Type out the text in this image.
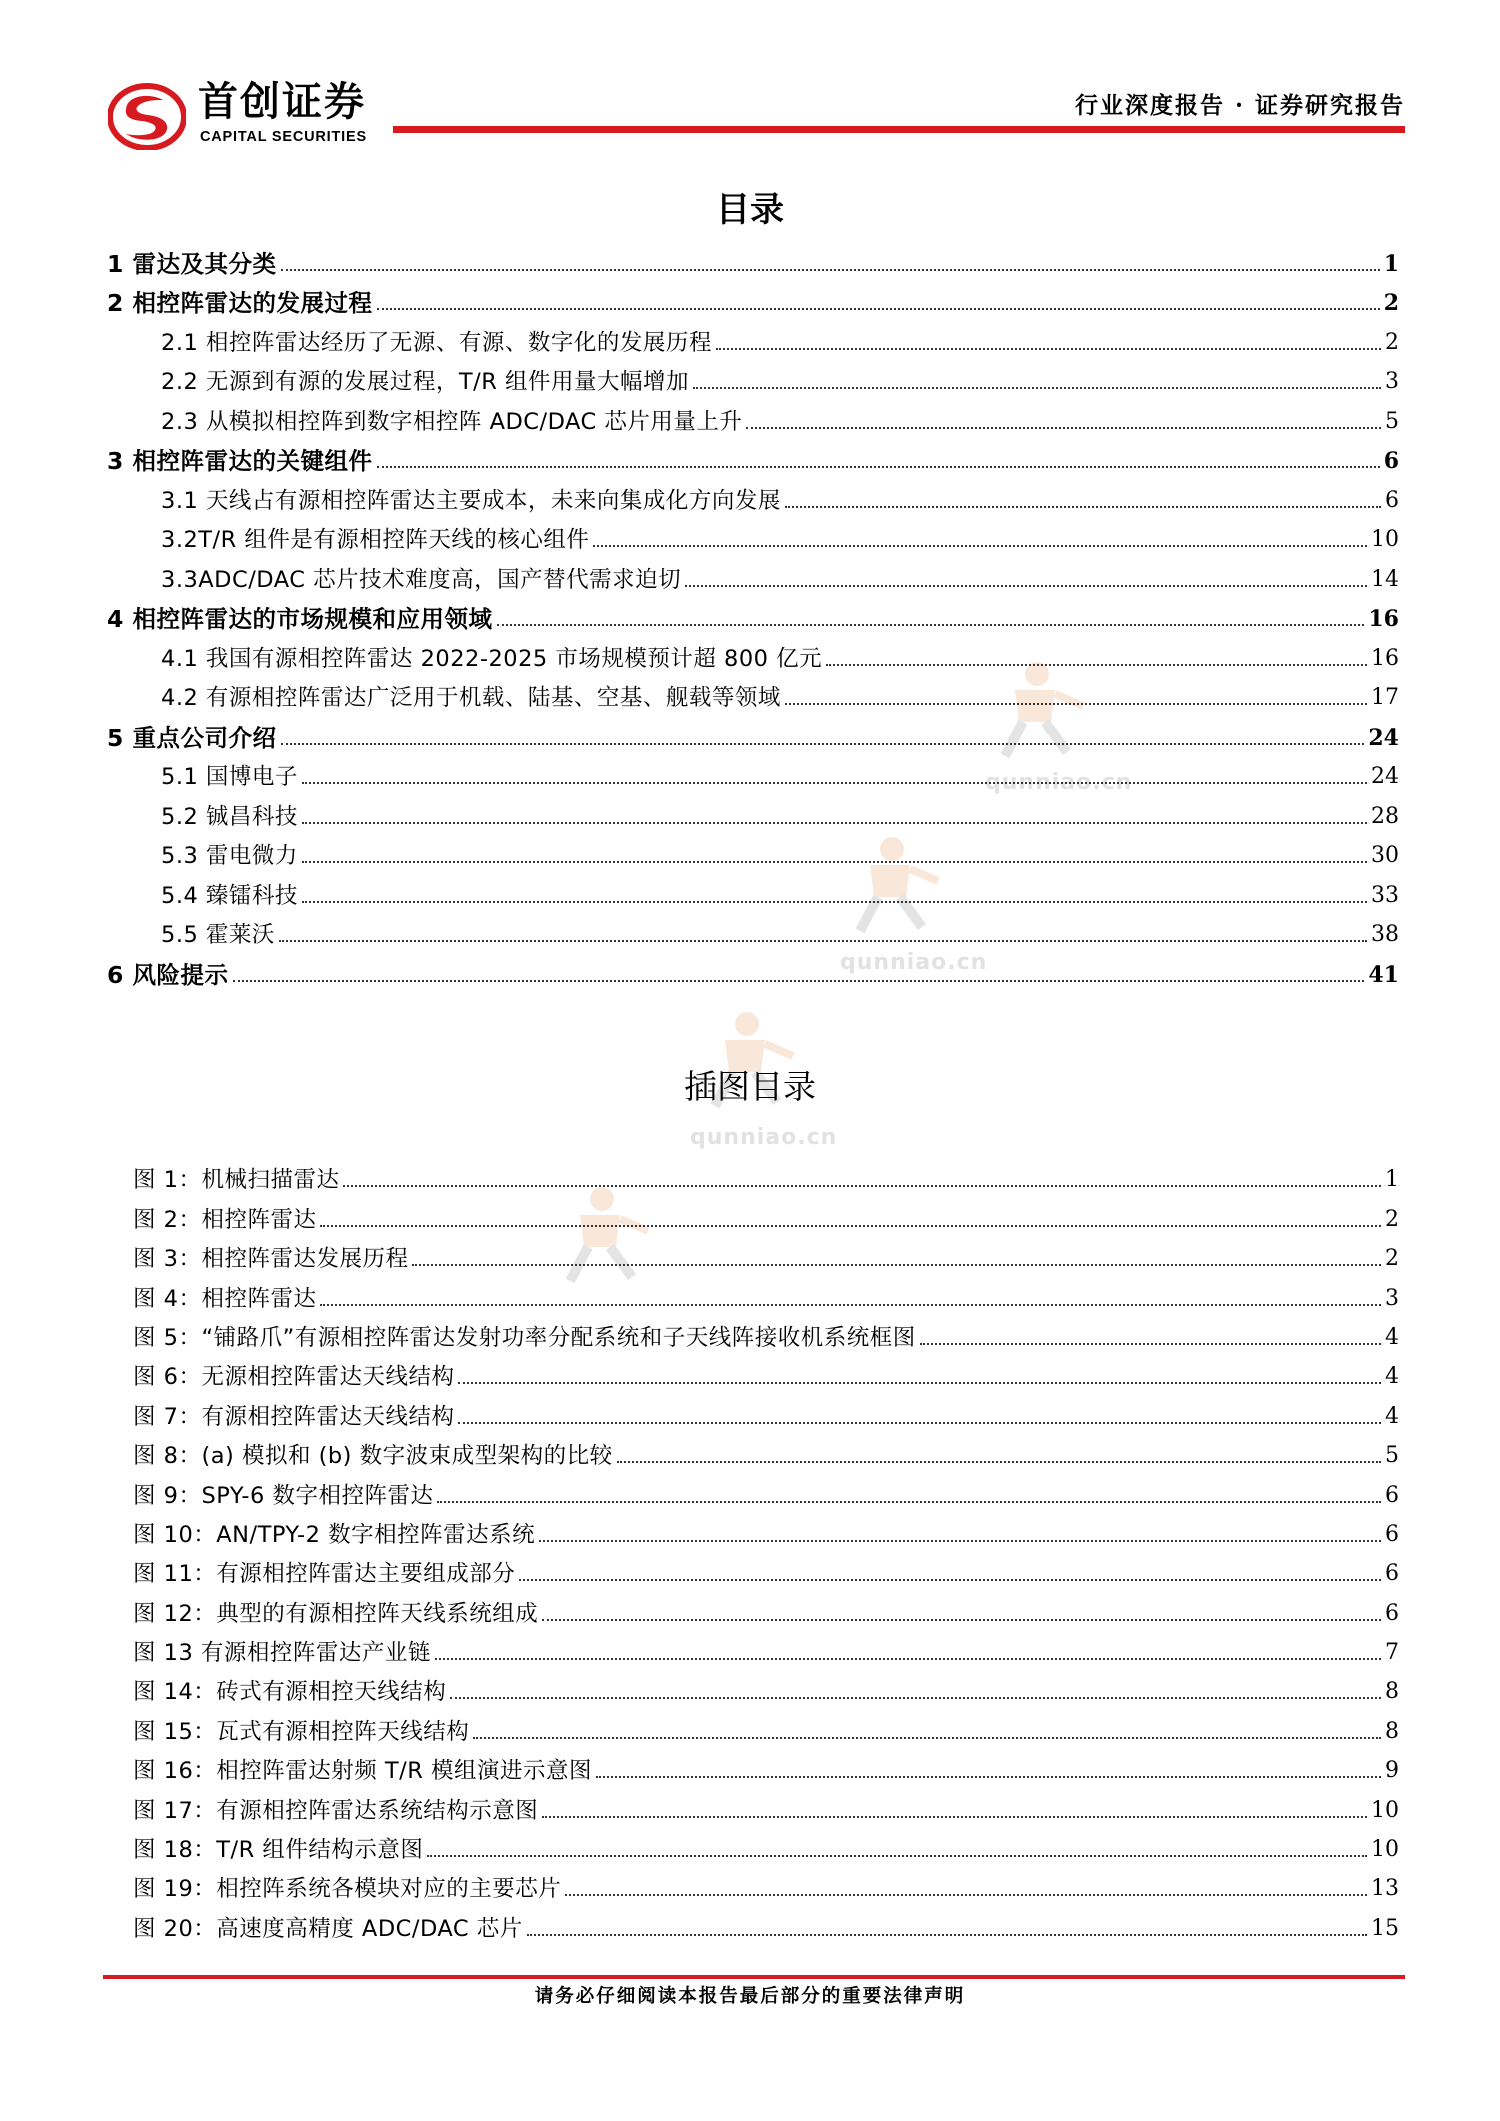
首创证券
CAPITAL SECURITIES
行业深度报告 · 证券研究报告
qunniao.cn
qunniao.cn
qunniao.cn
目录
1 雷达及其分类	1
2 相控阵雷达的发展过程	2
2.1 相控阵雷达经历了无源、有源、数字化的发展历程	2
2.2 无源到有源的发展过程，T/R 组件用量大幅增加	3
2.3 从模拟相控阵到数字相控阵 ADC/DAC 芯片用量上升	5
3 相控阵雷达的关键组件	6
3.1 天线占有源相控阵雷达主要成本，未来向集成化方向发展	6
3.2T/R 组件是有源相控阵天线的核心组件	10
3.3ADC/DAC 芯片技术难度高，国产替代需求迫切	14
4 相控阵雷达的市场规模和应用领域	16
4.1 我国有源相控阵雷达 2022-2025 市场规模预计超 800 亿元	16
4.2 有源相控阵雷达广泛用于机载、陆基、空基、舰载等领域	17
5 重点公司介绍	24
5.1 国博电子	24
5.2 铖昌科技	28
5.3 雷电微力	30
5.4 臻镭科技	33
5.5 霍莱沃	38
6 风险提示	41
插图目录
图 1：机械扫描雷达	1
图 2：相控阵雷达	2
图 3：相控阵雷达发展历程	2
图 4：相控阵雷达	3
图 5：“铺路爪”有源相控阵雷达发射功率分配系统和子天线阵接收机系统框图	4
图 6：无源相控阵雷达天线结构	4
图 7：有源相控阵雷达天线结构	4
图 8：(a) 模拟和 (b) 数字波束成型架构的比较	5
图 9：SPY-6 数字相控阵雷达	6
图 10：AN/TPY-2 数字相控阵雷达系统	6
图 11：有源相控阵雷达主要组成部分	6
图 12：典型的有源相控阵天线系统组成	6
图 13 有源相控阵雷达产业链	7
图 14：砖式有源相控天线结构	8
图 15：瓦式有源相控阵天线结构	8
图 16：相控阵雷达射频 T/R 模组演进示意图	9
图 17：有源相控阵雷达系统结构示意图	10
图 18：T/R 组件结构示意图	10
图 19：相控阵系统各模块对应的主要芯片	13
图 20：高速度高精度 ADC/DAC 芯片	15
请务必仔细阅读本报告最后部分的重要法律声明
